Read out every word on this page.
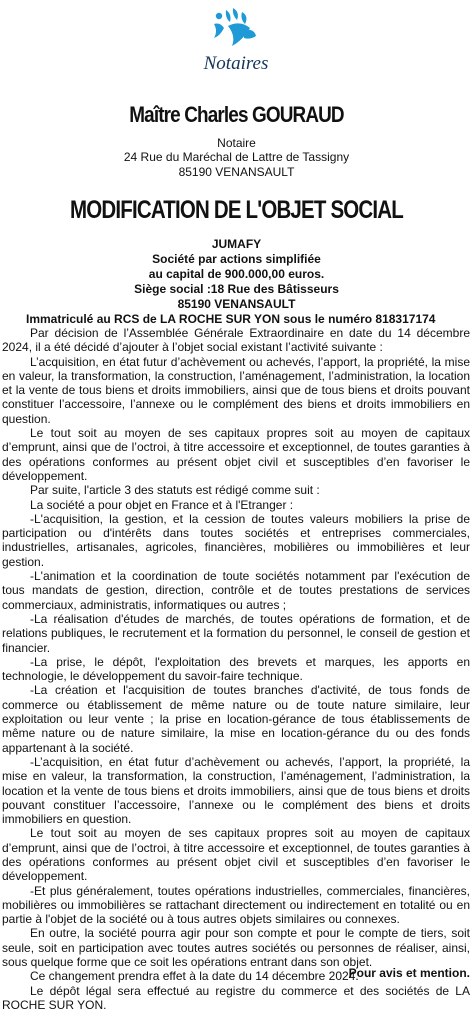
Notaires
Maître Charles GOURAUD
Notaire
24 Rue du Maréchal de Lattre de Tassigny
85190 VENANSAULT
MODIFICATION DE L'OBJET SOCIAL
JUMAFY
Société par actions simplifiée
au capital de 900.000,00 euros.
Siège social :18 Rue des Bâtisseurs
85190 VENANSAULT
Immatriculé au RCS de LA ROCHE SUR YON sous le numéro 818317174

Par décision de l’Assemblée Générale Extraordinaire en date du 14 décembre 2024, il a été décidé d’ajouter à l’objet social existant l’activité suivante :

L’acquisition, en état futur d’achèvement ou achevés, l’apport, la propriété, la mise en valeur, la transformation, la construction, l’aménagement, l’administration, la location et la vente de tous biens et droits immobiliers, ainsi que de tous biens et droits pouvant constituer l’accessoire, l’annexe ou le complément des biens et droits immobiliers en question.

Le tout soit au moyen de ses capitaux propres soit au moyen de capitaux d’emprunt, ainsi que de l’octroi, à titre accessoire et exceptionnel, de toutes garanties à des opérations conformes au présent objet civil et susceptibles d’en favoriser le développement.

Par suite, l'article 3 des statuts est rédigé comme suit :

La société a pour objet en France et à l'Etranger :

-L'acquisition, la gestion, et la cession de toutes valeurs mobiliers la prise de participation ou d'intérêts dans toutes sociétés et entreprises commerciales, industrielles, artisanales, agricoles, financières, mobilières ou immobilières et leur gestion.

-L'animation et la coordination de toute sociétés notamment par l'exécution de tous mandats de gestion, direction, contrôle et de toutes prestations de services commerciaux, administratis, informatiques ou autres ;

-La réalisation d'études de marchés, de toutes opérations de formation, et de relations publiques, le recrutement et la formation du personnel, le conseil de gestion et financier.

-La prise, le dépôt, l'exploitation des brevets et marques, les apports en technologie, le développement du savoir-faire technique.

-La création et l'acquisition de toutes branches d'activité, de tous fonds de commerce ou établissement de même nature ou de toute nature similaire, leur exploitation ou leur vente ; la prise en location-gérance de tous établissements de même nature ou de nature similaire, la mise en location-gérance du ou des fonds appartenant à la société.

-L’acquisition, en état futur d’achèvement ou achevés, l’apport, la propriété, la mise en valeur, la transformation, la construction, l’aménagement, l’administration, la location et la vente de tous biens et droits immobiliers, ainsi que de tous biens et droits pouvant constituer l’accessoire, l’annexe ou le complément des biens et droits immobiliers en question.

Le tout soit au moyen de ses capitaux propres soit au moyen de capitaux d’emprunt, ainsi que de l’octroi, à titre accessoire et exceptionnel, de toutes garanties à des opérations conformes au présent objet civil et susceptibles d’en favoriser le développement.

-Et plus généralement, toutes opérations industrielles, commerciales, financières, mobilières ou immobilières se rattachant directement ou indirectement en totalité ou en partie à l'objet de la société ou à tous autres objets similaires ou connexes.

En outre, la société pourra agir pour son compte et pour le compte de tiers, soit seule, soit en participation avec toutes autres sociétés ou personnes de réaliser, ainsi, sous quelque forme que ce soit les opérations entrant dans son objet.

Ce changement prendra effet à la date du 14 décembre 2024.

Le dépôt légal sera effectué au registre du commerce et des sociétés de LA ROCHE SUR YON.

Pour avis et mention.
